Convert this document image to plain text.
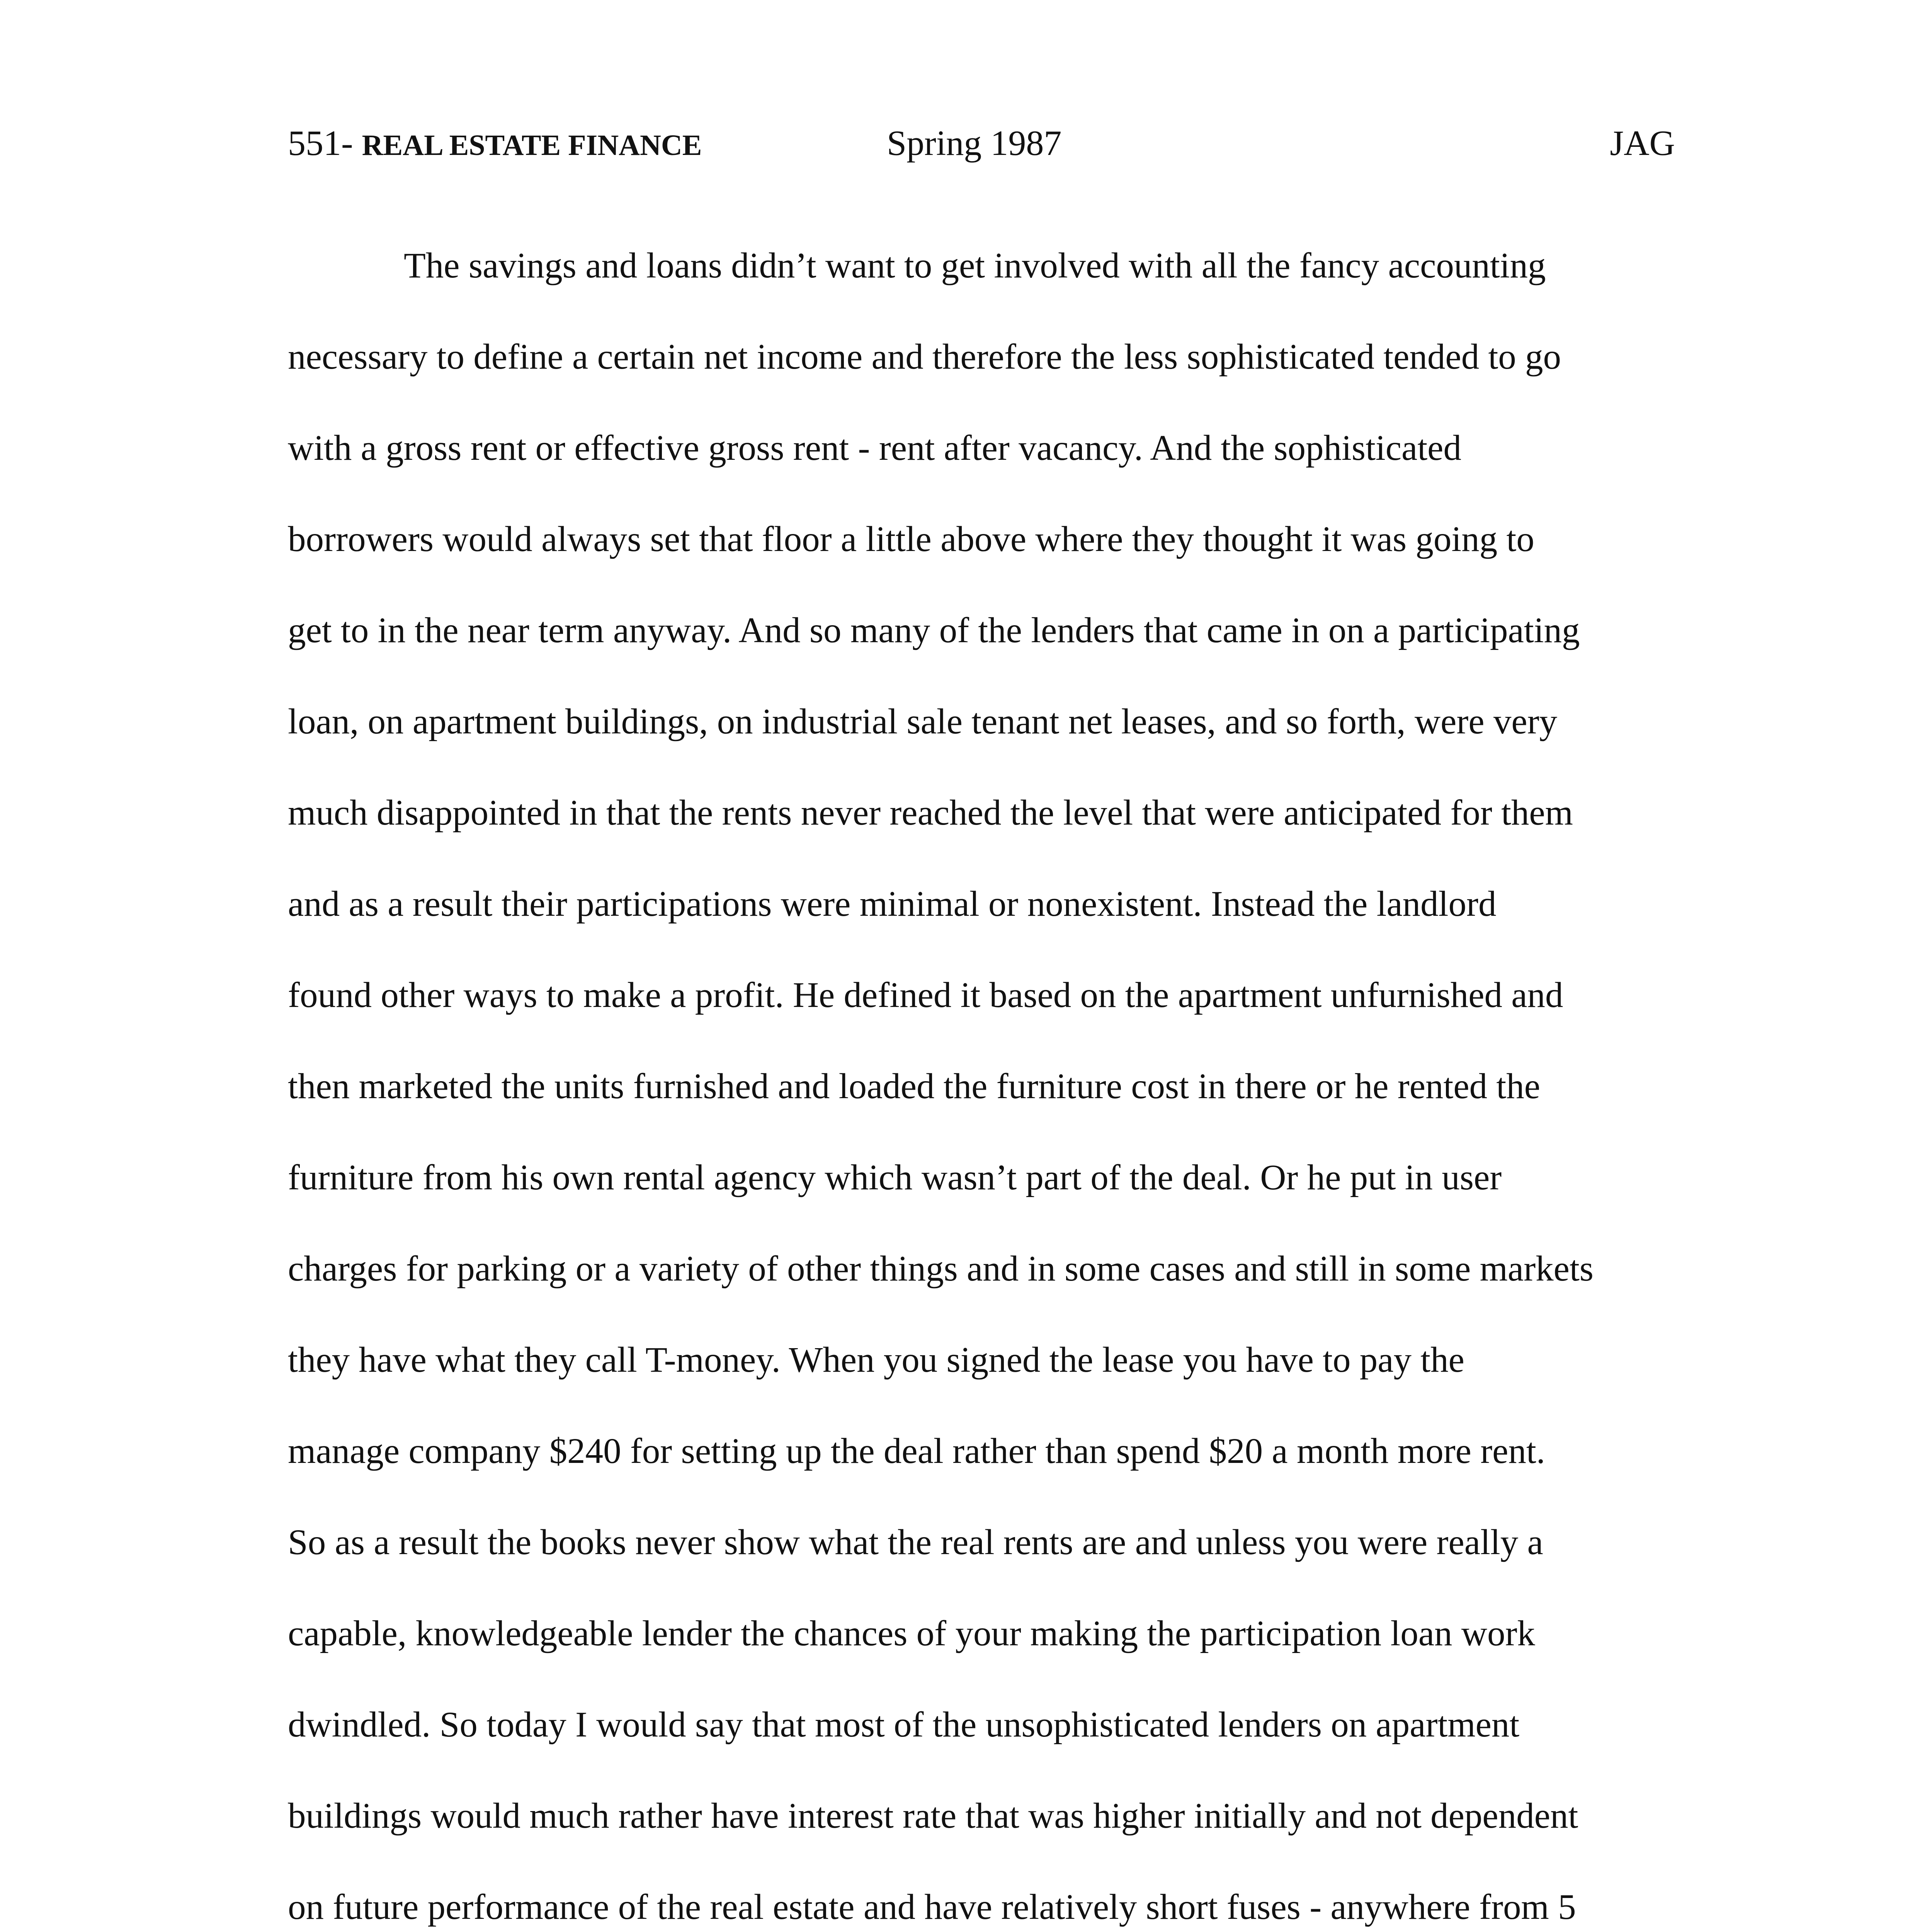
551- REAL ESTATE FINANCE	Spring 1987	JAG
The savings and loans didn’t want to get involved with all the fancy accounting
necessary to define a certain net income and therefore the less sophisticated tended to go
with a gross rent or effective gross rent - rent after vacancy. And the sophisticated
borrowers would always set that floor a little above where they thought it was going to
get to in the near term anyway. And so many of the lenders that came in on a participating
loan, on apartment buildings, on industrial sale tenant net leases, and so forth, were very
much disappointed in that the rents never reached the level that were anticipated for them
and as a result their participations were minimal or nonexistent. Instead the landlord
found other ways to make a profit. He defined it based on the apartment unfurnished and
then marketed the units furnished and loaded the furniture cost in there or he rented the
furniture from his own rental agency which wasn’t part of the deal. Or he put in user
charges for parking or a variety of other things and in some cases and still in some markets
they have what they call T-money. When you signed the lease you have to pay the
manage company $240 for setting up the deal rather than spend $20 a month more rent.
So as a result the books never show what the real rents are and unless you were really a
capable, knowledgeable lender the chances of your making the participation loan work
dwindled. So today I would say that most of the unsophisticated lenders on apartment
buildings would much rather have interest rate that was higher initially and not dependent
on future performance of the real estate and have relatively short fuses - anywhere from 5
